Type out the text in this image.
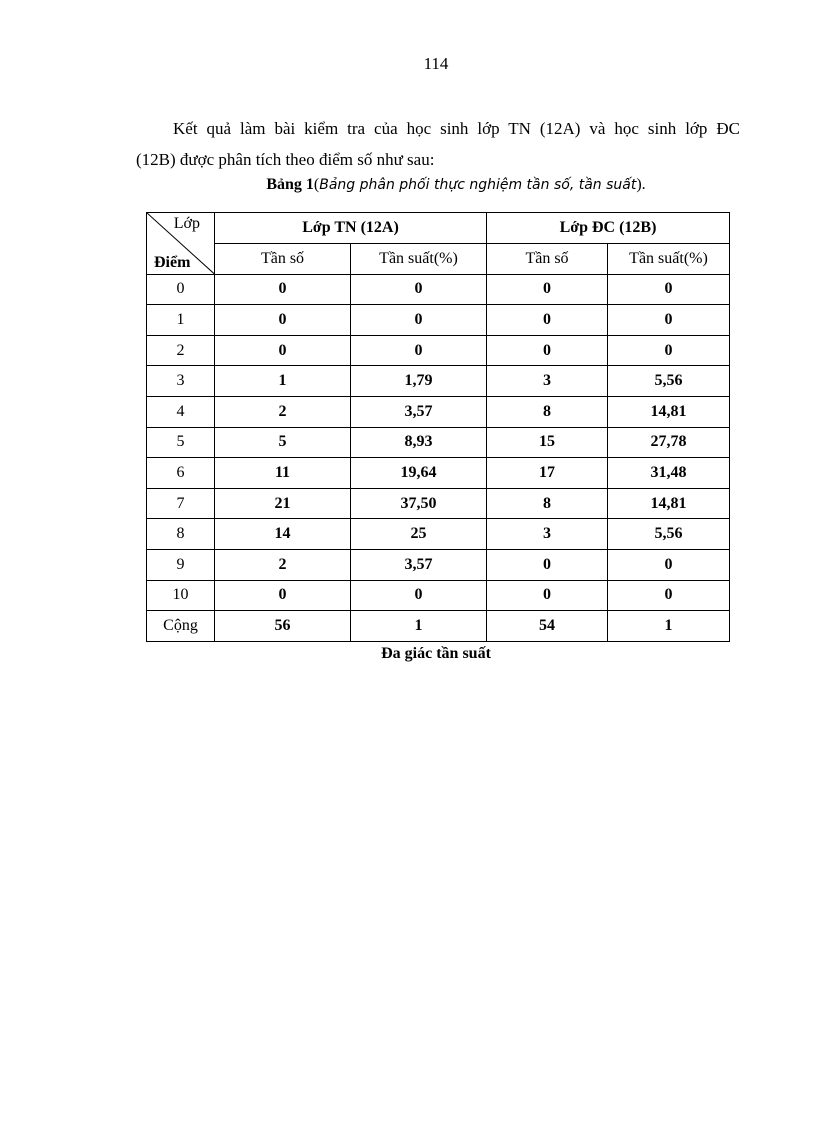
114
Kết quả làm bài kiểm tra của học sinh lớp TN (12A) và học sinh lớp ĐC
(12B) được phân tích theo điểm số như sau:
Bảng 1(Bảng phân phối thực nghiệm tần số, tần suất).
Lớp
Điểm	Lớp TN (12A)		Lớp ĐC (12B)	
	Tần số	Tần suất(%)	Tần số	Tần suất(%)
0	0	0	0	0
1	0	0	0	0
2	0	0	0	0
3	1	1,79	3	5,56
4	2	3,57	8	14,81
5	5	8,93	15	27,78
6	11	19,64	17	31,48
7	21	37,50	8	14,81
8	14	25	3	5,56
9	2	3,57	0	0
10	0	0	0	0
Cộng	56	1	54	1
Đa giác tần suất
